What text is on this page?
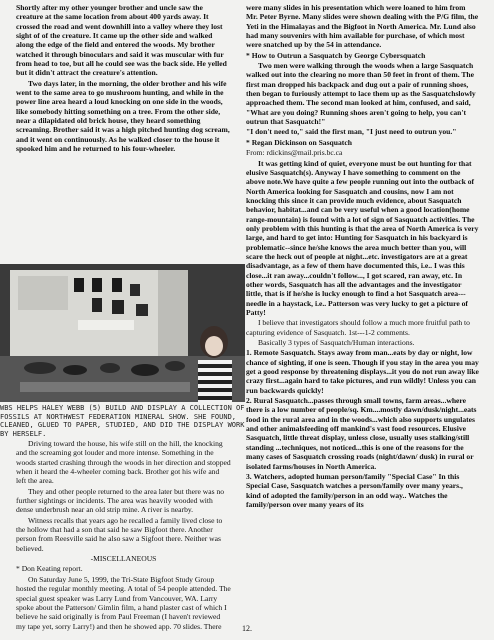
Shortly after my other younger brother and uncle saw the creature at the same location from about 400 yards away. It crossed the road and went downhill into a valley where they lost sight of of the creature. It came up the other side and walked along the edge of the field and entered the woods. My brother watched it through binoculars and said it was muscular with fur from head to toe, but all he could see was the back side. He yelled but it didn't attract the creature's attention.

Two days later, in the morning, the older brother and his wife went to the same area to go mushroom hunting, and while in the power line area heard a loud knocking on one side in the woods, like somebody hitting something on a tree. From the other side, near a dilapidated old brick house, they heard something screaming. Brother said it was a high pitched hunting dog scream, and it went on continuously. As he walked closer to the house it spooked him and he returned to his four-wheeler.

WBS HELPS HALEY WEBB (5) BUILD AND DISPLAY A COLLECTION OF FOSSILS AT NORTHWEST FEDERATION MINERAL SHOW. SHE FOUND, CLEANED, GLUED TO PAPER, STUDIED, AND DID THE DISPLAY WORK BY HERSELF.

Driving toward the house, his wife still on the hill, the knocking and the screaming got louder and more intense. Something in the woods started crashing through the woods in her direction and stopped when it heard the 4-wheeler coming back. Brother got his wife and left the area.

They and other people returned to the area later but there was no further sightings or incidents. The area was heavily wooded with dense underbrush near an old strip mine. A river is nearby.

Witness recalls that years ago he recalled a family lived close to the hollow that had a son that said he saw Bigfoot there. Another person from Reesville said he also saw a Sigfoot there. Neither was believed.

-MISCELLANEOUS

* Don Keating report.

On Saturday June 5, 1999, the Tri-State Bigfoot Study Group hosted the regular monthly meeting. A total of 54 people attended. The special guest speaker was Larry Lund from Vancouver, WA. Larry spoke about the Patterson/ Gimlin film, a hand plaster cast of which I believe he said originally is from Paul Freeman (I haven't reviewed my tape yet, sorry Larry!) and then he showed app. 70 slides. There

were many slides in his presentation which were loaned to him from Mr. Peter Byrne. Many slides were shown dealing with the P/G film, the Yeti in the Himalayas and the Bigfoot in North America. Mr. Lund also had many souvenirs with him available for purchase, of which most were snatched up by the 54 in attendance.

* How to Outrun a Sasquatch by George Cybersquatch

Two men were walking through the woods when a large Sasquatch walked out into the clearing no more than 50 feet in front of them. The first man dropped his backpack and dug out a pair of running shoes, then began to furiously attempt to lace them up as the Sasquatchslowly approached them. The second man looked at him, confused, and said, "What are you doing? Running shoes aren't going to help, you can't outrun that Sasquatch!"

"I don't need to," said the first man, "I just need to outrun you."

* Regan Dickinson on Sasquatch

From: rdickins@mail.pris.bc.ca

It was getting kind of quiet, everyone must be out hunting for that elusive Sasquatch(s). Anyway I have something to comment on the above note.We have quite a few people running out into the outback of North America looking for Sasquatch and cousins, now I am not knocking this since it can provide much evidence, about Sasquatch behavior, habitat...and can be very useful when a good location(home range-mountain) is found with a lot of sign of Sasquatch activities. The only problem with this hunting is that the area of North America is very large, and hard to get into: Hunting for Sasquatch in his backyard is problematic--since he/she knows the area much better than you, will scare the heck out of people at night...etc. investigators are at a great disadvantage, as a few of them have documented this, i.e.. I was this close...it ran away...couldn't follow..., I got scared, ran away, etc. In other words, Sasquatch has all the advantages and the investigator little, that is if he/she is lucky enough to find a hot Sasquatch area---needle in a haystack, i.e.. Patterson was very lucky to get a picture of Patty!

I believe that investigators should follow a much more fruitful path to capturing evidence of Sasquatch. 1st---1-2 comments.

Basically 3 types of Sasquatch/Human interactions.

1. Remote Sasquatch. Stays away from man...eats by day or night, low chance of sighting, if one is seen. Though if you stay in the area you may get a good response by threatening displays...it you do not run away like crazy first...again hard to take pictures, and run wildly! Unless you can run backwards quickly!

2. Rural Sasquatch...passes through small towns, farm areas...where there is a low number of people/sq. Km....mostly dawn/dusk/night...eats food in the rural area and in the woods...which also supports ungulates and other animalsfeeding off mankind's vast food resources. Elusive Sasquatch, little threat display, unless close, usually uses stalking/still standing ...techniques, not noticed...this is one of the reasons for the many cases of Sasquatch crossing roads (night/dawn/ dusk) in rural or isolated farms/houses in North America.

3. Watchers, adopted human person/family "Special Case" In this Special Case, Sasquatch watches a person/family over many years., kind of adopted the family/person in an odd way.. Watches the family/person over many years of its

12.
